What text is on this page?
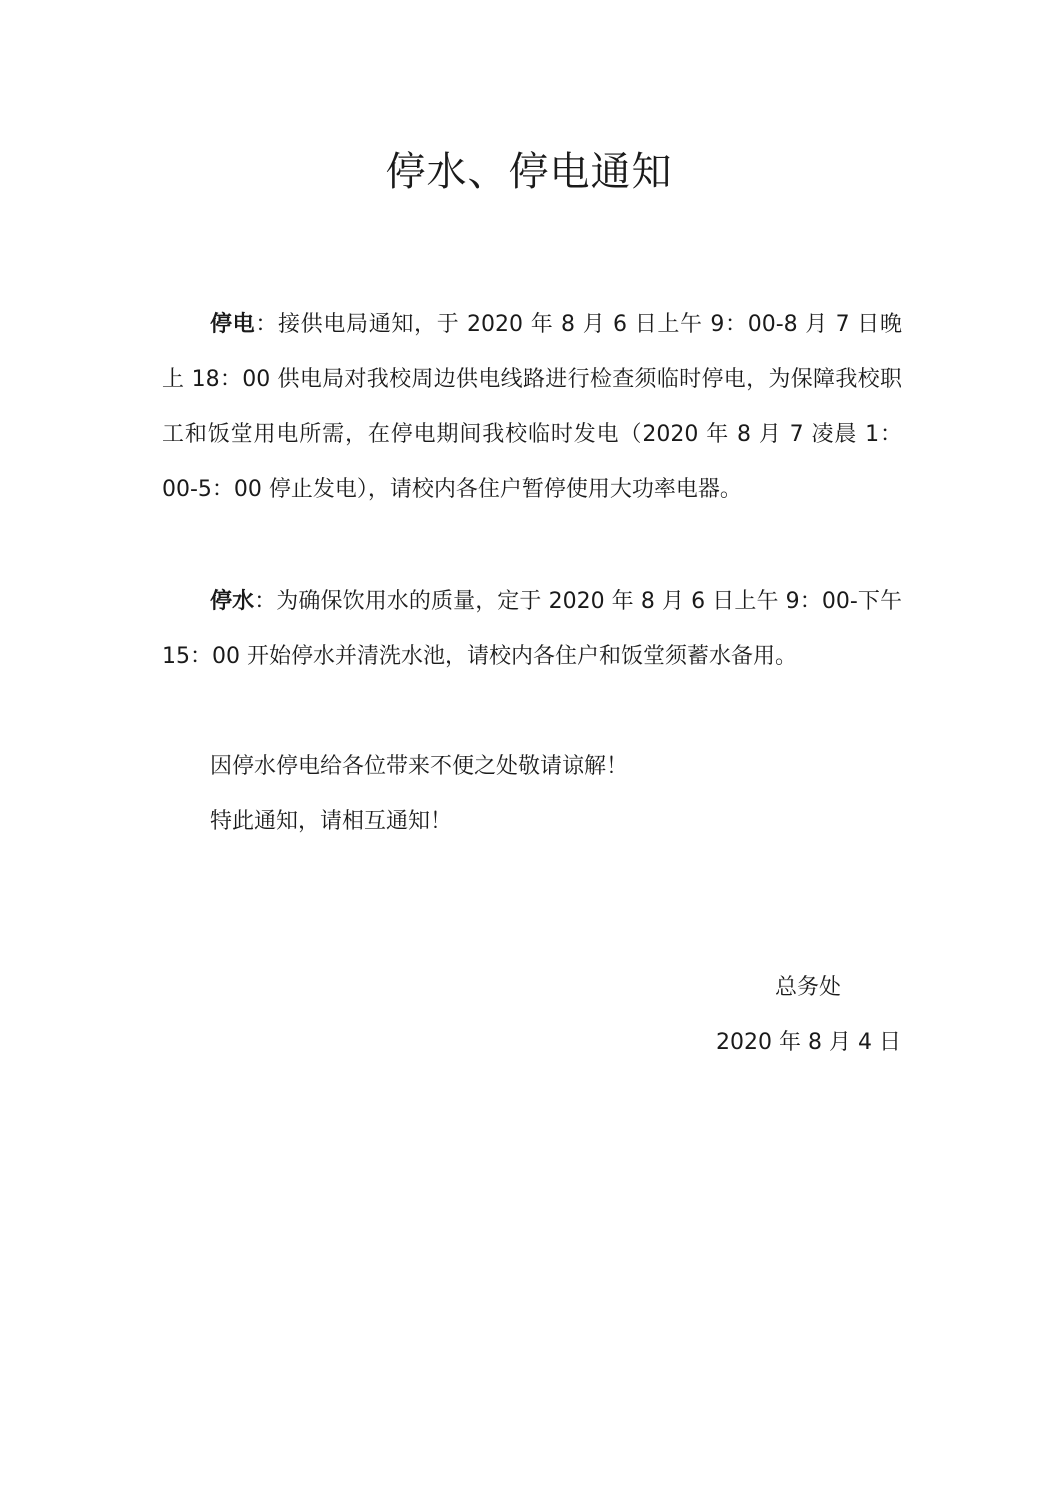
停水、停电通知

停电：接供电局通知，于 2020 年 8 月 6 日上午 9：00-8 月 7 日晚上 18：00 供电局对我校周边供电线路进行检查须临时停电，为保障我校职工和饭堂用电所需，在停电期间我校临时发电（2020 年 8 月 7 凌晨 1：00-5：00 停止发电），请校内各住户暂停使用大功率电器。

停水：为确保饮用水的质量，定于 2020 年 8 月 6 日上午 9：00-下午 15：00 开始停水并清洗水池，请校内各住户和饭堂须蓄水备用。

因停水停电给各位带来不便之处敬请谅解！

特此通知，请相互通知！

总务处

2020 年 8 月 4 日
